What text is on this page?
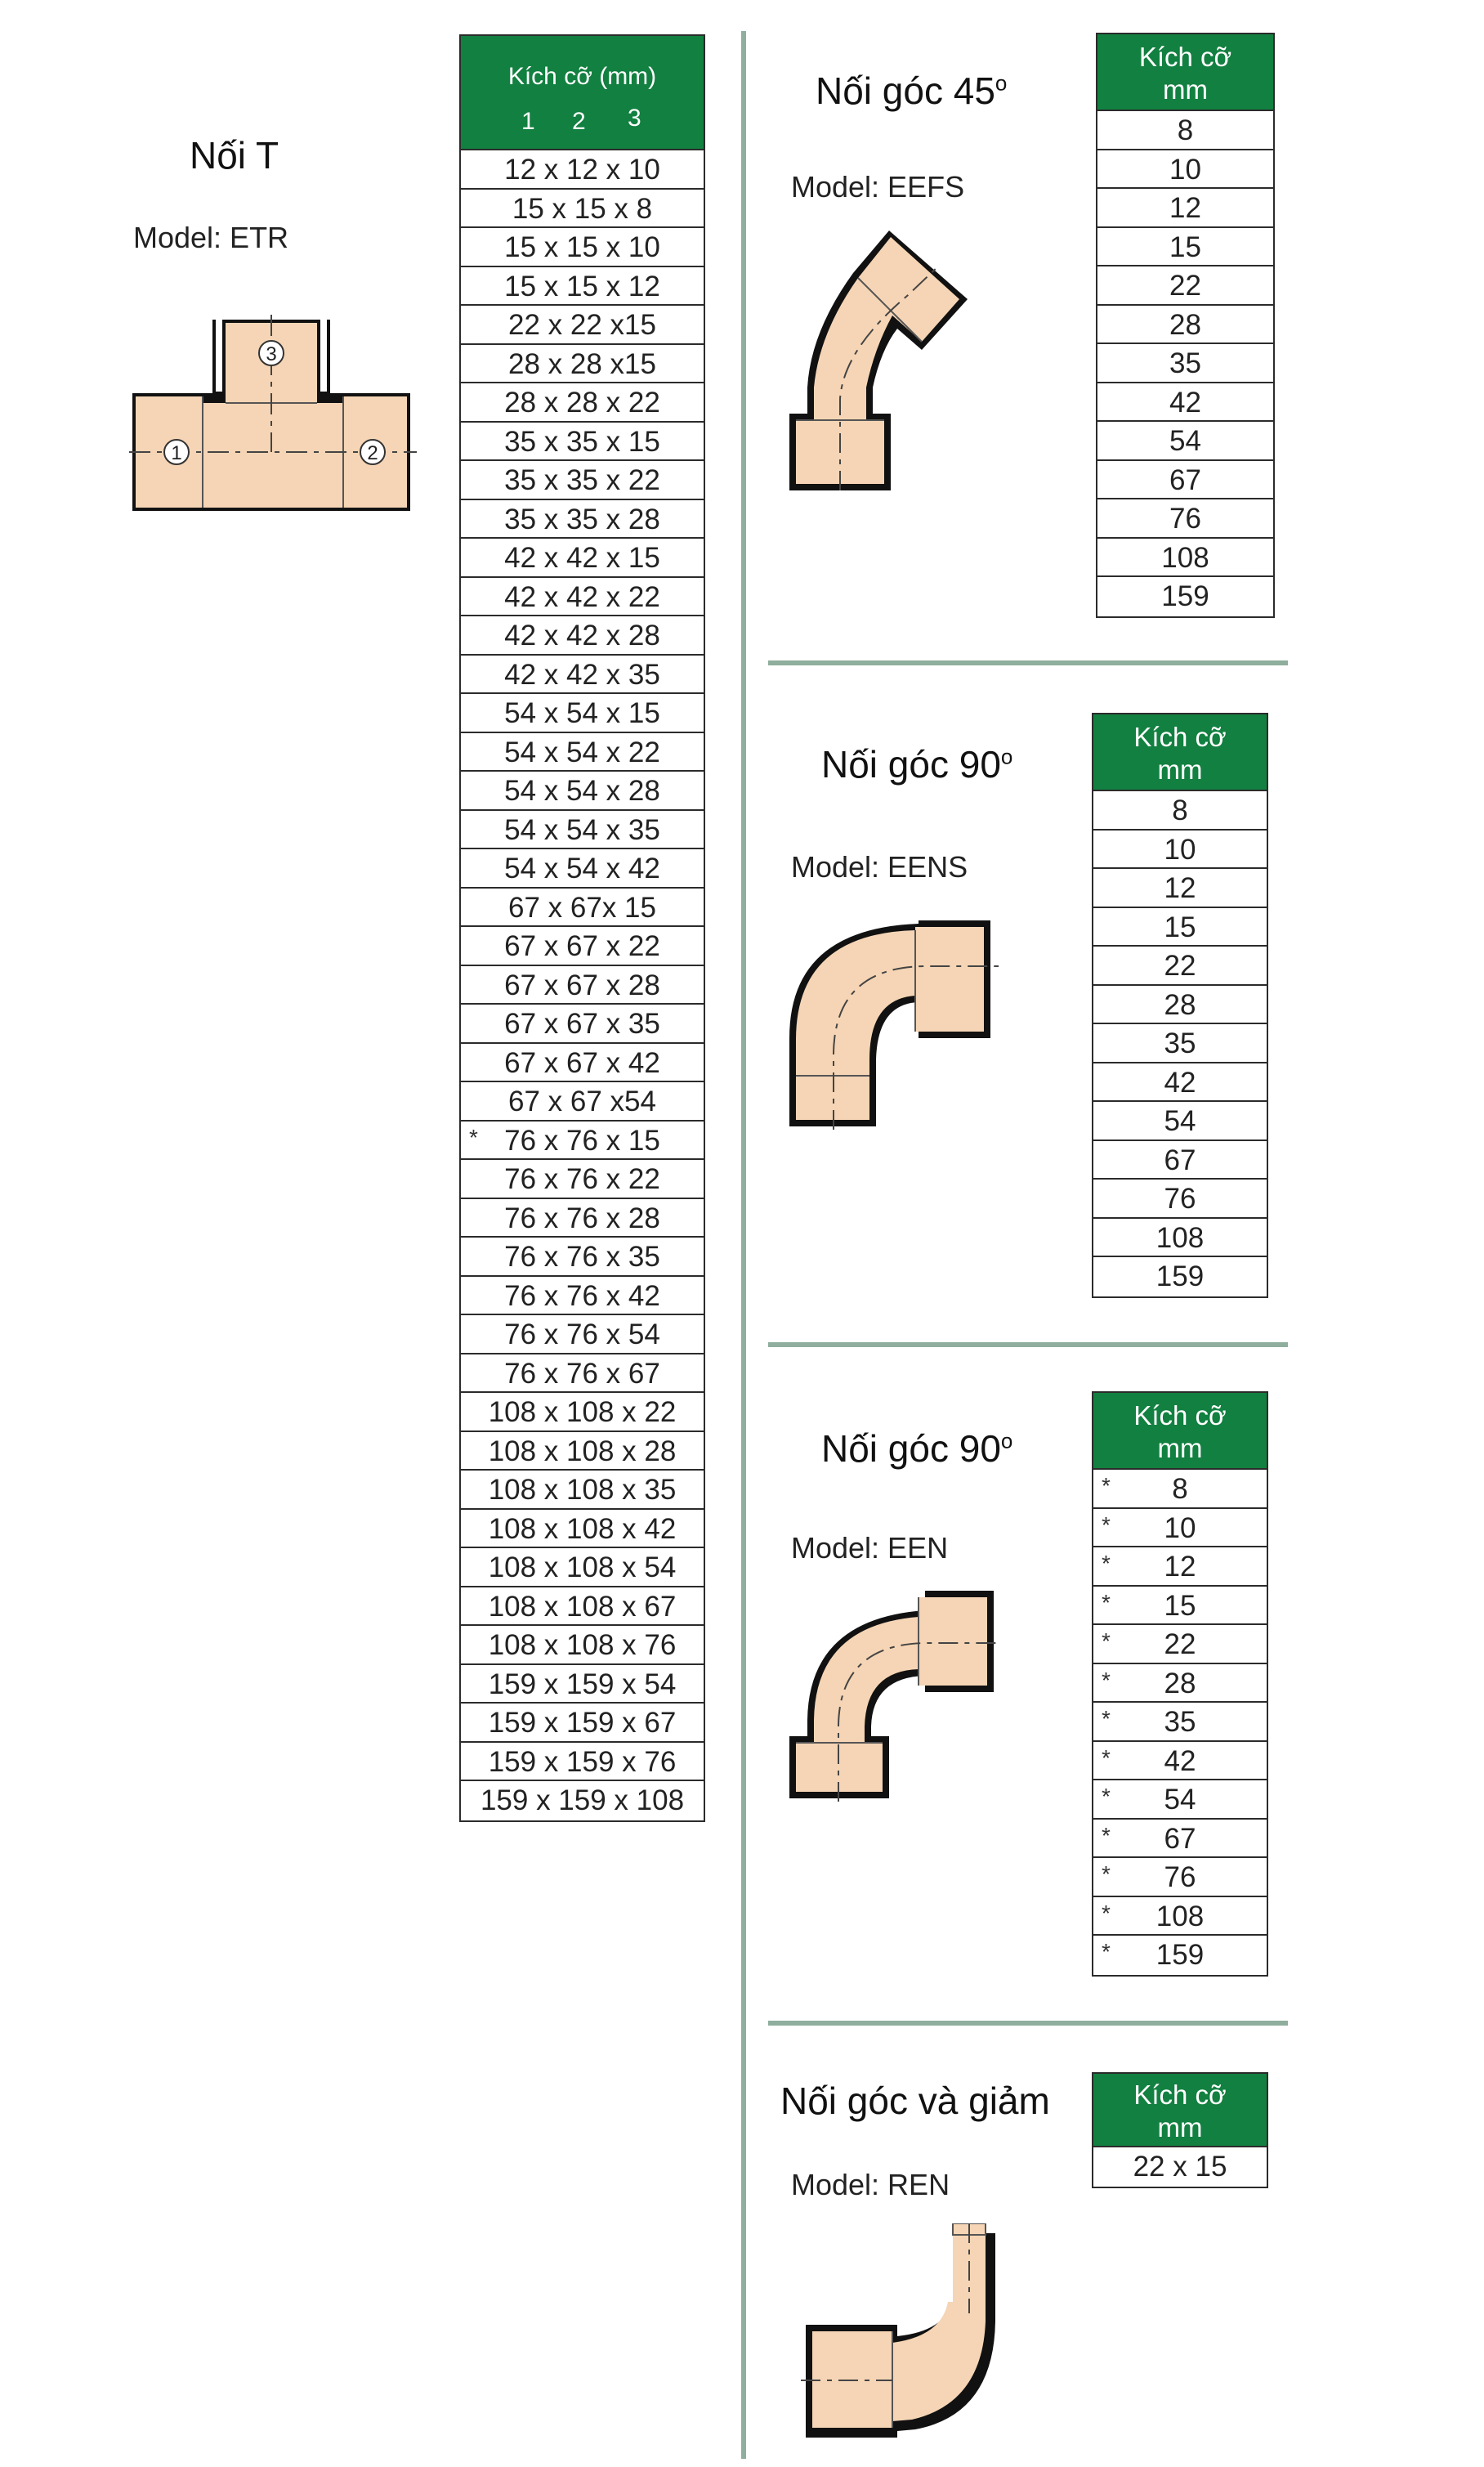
Nối T
Model: ETR
1	2
3
Kích cỡ (mm)
1 2 3
12 x 12 x 10
15 x 15 x 8
15 x 15 x 10
15 x 15 x 12
22 x 22 x15
28 x 28 x15
28 x 28 x 22
35 x 35 x 15
35 x 35 x 22
35 x 35 x 28
42 x 42 x 15
42 x 42 x 22
42 x 42 x 28
42 x 42 x 35
54 x 54 x 15
54 x 54 x 22
54 x 54 x 28
54 x 54 x 35
54 x 54 x 42
67 x 67x 15
67 x 67 x 22
67 x 67 x 28
67 x 67 x 35
67 x 67 x 42
67 x 67 x54
* 76 x 76 x 15
76 x 76 x 22
76 x 76 x 28
76 x 76 x 35
76 x 76 x 42
76 x 76 x 54
76 x 76 x 67
108 x 108 x 22
108 x 108 x 28
108 x 108 x 35
108 x 108 x 42
108 x 108 x 54
108 x 108 x 67
108 x 108 x 76
159 x 159 x 54
159 x 159 x 67
159 x 159 x 76
159 x 159 x 108
Nối góc 45$^o$
Model: EEFS
Kích cỡ
mm
8
10
12
15
22
28
35
42
54
67
76
108
159
Nối góc 90$^o$
Model: EENS
Kích cỡ
mm
8
10
12
15
22
28
35
42
54
67
76
108
159
Nối góc 90$^o$
Model: EEN
Kích cỡ
mm
* 8
* 10
* 12
* 15
* 22
* 28
* 35
* 42
* 54
* 67
* 76
* 108
* 159
Nối góc và giảm
Model: REN
Kích cỡ
mm
22 x 15
